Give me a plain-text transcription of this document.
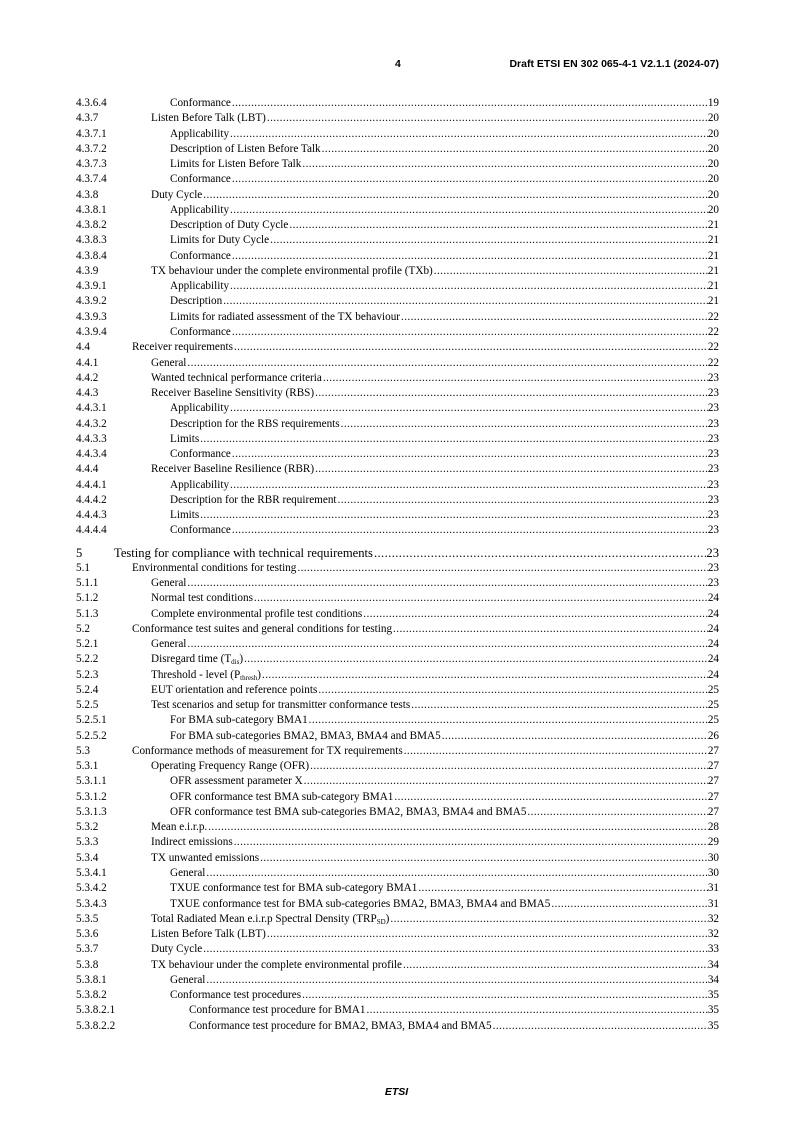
4	Draft ETSI EN 302 065-4-1 V2.1.1 (2024-07)
4.3.6.4	Conformance .....	19
4.3.7	Listen Before Talk (LBT) .....	20
4.3.7.1	Applicability .....	20
4.3.7.2	Description of Listen Before Talk .....	20
4.3.7.3	Limits for Listen Before Talk .....	20
4.3.7.4	Conformance .....	20
4.3.8	Duty Cycle .....	20
4.3.8.1	Applicability .....	20
4.3.8.2	Description of Duty Cycle .....	21
4.3.8.3	Limits for Duty Cycle .....	21
4.3.8.4	Conformance .....	21
4.3.9	TX behaviour under the complete environmental profile (TXb) .....	21
4.3.9.1	Applicability .....	21
4.3.9.2	Description .....	21
4.3.9.3	Limits for radiated assessment of the TX behaviour .....	22
4.3.9.4	Conformance .....	22
4.4	Receiver requirements .....	22
4.4.1	General .....	22
4.4.2	Wanted technical performance criteria .....	23
4.4.3	Receiver Baseline Sensitivity (RBS) .....	23
4.4.3.1	Applicability .....	23
4.4.3.2	Description for the RBS requirements .....	23
4.4.3.3	Limits .....	23
4.4.3.4	Conformance .....	23
4.4.4	Receiver Baseline Resilience (RBR) .....	23
4.4.4.1	Applicability .....	23
4.4.4.2	Description for the RBR requirement .....	23
4.4.4.3	Limits .....	23
4.4.4.4	Conformance .....	23
5	Testing for compliance with technical requirements .....	23
5.1	Environmental conditions for testing .....	23
5.1.1	General .....	23
5.1.2	Normal test conditions .....	24
5.1.3	Complete environmental profile test conditions .....	24
5.2	Conformance test suites and general conditions for testing .....	24
5.2.1	General .....	24
5.2.2	Disregard time $(T_{dis})$ .....	24
5.2.3	Threshold - level $(P_{thresh})$ .....	24
5.2.4	EUT orientation and reference points .....	25
5.2.5	Test scenarios and setup for transmitter conformance tests .....	25
5.2.5.1	For BMA sub-category BMA1 .....	25
5.2.5.2	For BMA sub-categories BMA2, BMA3, BMA4 and BMA5 .....	26
5.3	Conformance methods of measurement for TX requirements .....	27
5.3.1	Operating Frequency Range (OFR) .....	27
5.3.1.1	OFR assessment parameter X .....	27
5.3.1.2	OFR conformance test BMA sub-category BMA1 .....	27
5.3.1.3	OFR conformance test BMA sub-categories BMA2, BMA3, BMA4 and BMA5 .....	27
5.3.2	Mean e.i.r.p. .....	28
5.3.3	Indirect emissions .....	29
5.3.4	TX unwanted emissions .....	30
5.3.4.1	General .....	30
5.3.4.2	TXUE conformance test for BMA sub-category BMA1 .....	31
5.3.4.3	TXUE conformance test for BMA sub-categories BMA2, BMA3, BMA4 and BMA5 .....	31
5.3.5	Total Radiated Mean e.i.r.p Spectral Density $(TRP_{SD})$ .....	32
5.3.6	Listen Before Talk (LBT) .....	32
5.3.7	Duty Cycle .....	33
5.3.8	TX behaviour under the complete environmental profile .....	34
5.3.8.1	General .....	34
5.3.8.2	Conformance test procedures .....	35
5.3.8.2.1	Conformance test procedure for BMA1 .....	35
5.3.8.2.2	Conformance test procedure for BMA2, BMA3, BMA4 and BMA5 .....	35
ETSI
